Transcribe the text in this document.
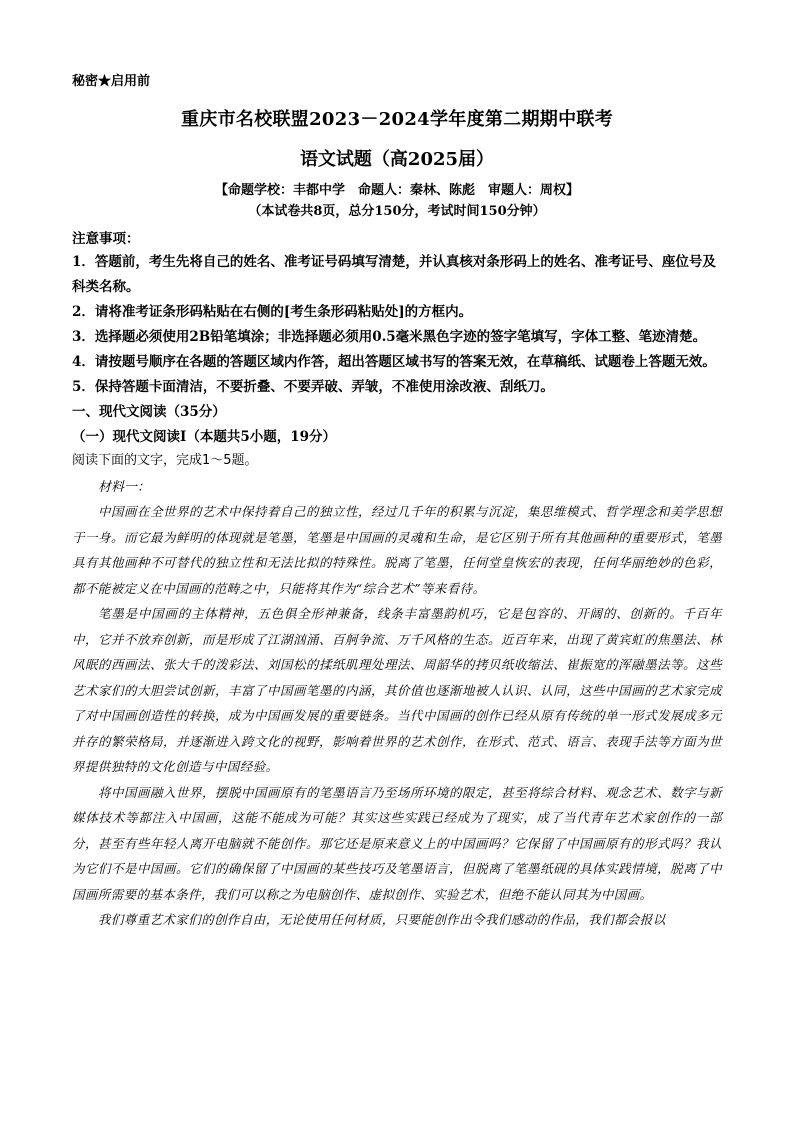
秘密★启用前
重庆市名校联盟2023－2024学年度第二期期中联考
语文试题（高2025届）
【命题学校：丰都中学　命题人：秦林、陈彪　审题人：周权】
（本试卷共8页，总分150分，考试时间150分钟）
注意事项：

1．答题前，考生先将自己的姓名、准考证号码填写清楚，并认真核对条形码上的姓名、准考证号、座位号及科类名称。

2．请将准考证条形码粘贴在右侧的[考生条形码粘贴处]的方框内。

3．选择题必须使用2B铅笔填涂；非选择题必须用0.5毫米黑色字迹的签字笔填写，字体工整、笔迹清楚。

4．请按题号顺序在各题的答题区域内作答，超出答题区域书写的答案无效，在草稿纸、试题卷上答题无效。

5．保持答题卡面清洁，不要折叠、不要弄破、弄皱，不准使用涂改液、刮纸刀。

一、现代文阅读（35分）
（一）现代文阅读Ⅰ（本题共5小题，19分）
阅读下面的文字，完成1～5题。
材料一：

中国画在全世界的艺术中保持着自己的独立性，经过几千年的积累与沉淀，集思维模式、哲学理念和美学思想于一身。而它最为鲜明的体现就是笔墨，笔墨是中国画的灵魂和生命，是它区别于所有其他画种的重要形式，笔墨具有其他画种不可替代的独立性和无法比拟的特殊性。脱离了笔墨，任何堂皇恢宏的表现，任何华丽绝妙的色彩，都不能被定义在中国画的范畴之中，只能将其作为“综合艺术”等来看待。

笔墨是中国画的主体精神，五色俱全形神兼备，线条丰富墨韵机巧，它是包容的、开阔的、创新的。千百年中，它并不放弃创新，而是形成了江湖汹涌、百舸争流、万千风格的生态。近百年来，出现了黄宾虹的焦墨法、林风眠的西画法、张大千的泼彩法、刘国松的揉纸肌理处理法、周韶华的拷贝纸收缩法、崔振宽的浑融墨法等。这些艺术家们的大胆尝试创新，丰富了中国画笔墨的内涵，其价值也逐渐地被人认识、认同，这些中国画的艺术家完成了对中国画创造性的转换，成为中国画发展的重要链条。当代中国画的创作已经从原有传统的单一形式发展成多元并存的繁荣格局，并逐渐进入跨文化的视野，影响着世界的艺术创作，在形式、范式、语言、表现手法等方面为世界提供独特的文化创造与中国经验。

将中国画融入世界，摆脱中国画原有的笔墨语言乃至场所环境的限定，甚至将综合材料、观念艺术、数字与新媒体技术等都注入中国画，这能不能成为可能？其实这些实践已经成为了现实，成了当代青年艺术家创作的一部分，甚至有些年轻人离开电脑就不能创作。那它还是原来意义上的中国画吗？它保留了中国画原有的形式吗？我认为它们不是中国画。它们的确保留了中国画的某些技巧及笔墨语言，但脱离了笔墨纸砚的具体实践情境，脱离了中国画所需要的基本条件，我们可以称之为电脑创作、虚拟创作、实验艺术，但绝不能认同其为中国画。

我们尊重艺术家们的创作自由，无论使用任何材质，只要能创作出令我们感动的作品，我们都会报以
